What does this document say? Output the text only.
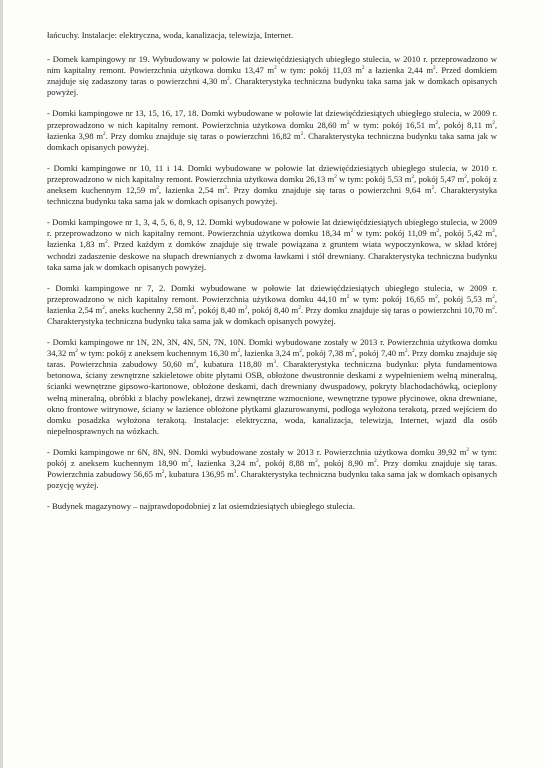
łańcuchy. Instalacje: elektryczna, woda, kanalizacja, telewizja, Internet.

- Domek kampingowy nr 19. Wybudowany w połowie lat dziewięćdziesiątych ubiegłego stulecia, w 2010 r. przeprowadzono w nim kapitalny remont. Powierzchnia użytkowa domku 13,47 $m^2$ w tym: pokój 11,03 $m^2$ a łazienka 2,44 $m^2$. Przed domkiem znajduje się zadaszony taras o powierzchni 4,30 $m^2$. Charakterystyka techniczna budynku taka sama jak w domkach opisanych powyżej.

- Domki kampingowe nr 13, 15, 16, 17, 18. Domki wybudowane w połowie lat dziewięćdziesiątych ubiegłego stulecia, w 2009 r. przeprowadzono w nich kapitalny remont. Powierzchnia użytkowa domku 28,60 $m^2$ w tym: pokój 16,51 $m^2$, pokój 8,11 $m^2$, łazienka 3,98 $m^2$. Przy domku znajduje się taras o powierzchni 16,82 $m^2$. Charakterystyka techniczna budynku taka sama jak w domkach opisanych powyżej.

- Domki kampingowe nr 10, 11 i 14. Domki wybudowane w połowie lat dziewięćdziesiątych ubiegłego stulecia, w 2010 r. przeprowadzono w nich kapitalny remont. Powierzchnia użytkowa domku 26,13 $m^2$ w tym: pokój 5,53 $m^2$, pokój 5,47 $m^2$, pokój z aneksem kuchennym 12,59 $m^2$, łazienka 2,54 $m^2$. Przy domku znajduje się taras o powierzchni 9,64 $m^2$. Charakterystyka techniczna budynku taka sama jak w domkach opisanych powyżej.

- Domki kampingowe nr 1, 3, 4, 5, 6, 8, 9, 12. Domki wybudowane w połowie lat dziewięćdziesiątych ubiegłego stulecia, w 2009 r. przeprowadzono w nich kapitalny remont. Powierzchnia użytkowa domku 18,34 $m^2$ w tym: pokój 11,09 $m^2$, pokój 5,42 $m^2$, łazienka 1,83 $m^2$. Przed każdym z domków znajduje się trwale powiązana z gruntem wiata wypoczynkowa, w skład której wchodzi zadaszenie deskowe na słupach drewnianych z dwoma ławkami i stół drewniany. Charakterystyka techniczna budynku taka sama jak w domkach opisanych powyżej.

- Domki kampingowe nr 7, 2. Domki wybudowane w połowie lat dziewięćdziesiątych ubiegłego stulecia, w 2009 r. przeprowadzono w nich kapitalny remont. Powierzchnia użytkowa domku 44,10 $m^2$ w tym: pokój 16,65 $m^2$, pokój 5,53 $m^2$, łazienka 2,54 $m^2$, aneks kuchenny 2,58 $m^2$, pokój 8,40 $m^2$, pokój 8,40 $m^2$. Przy domku znajduje się taras o powierzchni 10,70 $m^2$. Charakterystyka techniczna budynku taka sama jak w domkach opisanych powyżej.

- Domki kampingowe nr 1N, 2N, 3N, 4N, 5N, 7N, 10N. Domki wybudowane zostały w 2013 r. Powierzchnia użytkowa domku 34,32 $m^2$ w tym: pokój z aneksem kuchennym 16,30 $m^2$, łazienka 3,24 $m^2$, pokój 7,38 $m^2$, pokój 7,40 $m^2$. Przy domku znajduje się taras. Powierzchnia zabudowy 50,60 $m^2$, kubatura 118,80 $m^3$. Charakterystyka techniczna budynku: płyta fundamentowa betonowa, ściany zewnętrzne szkieletowe obite płytami OSB, obłożone dwustronnie deskami z wypełnieniem wełną mineralną, ścianki wewnętrzne gipsowo-kartonowe, obłożone deskami, dach drewniany dwuspadowy, pokryty blachodachówką, ocieplony wełną mineralną, obróbki z blachy powlekanej, drzwi zewnętrzne wzmocnione, wewnętrzne typowe płycinowe, okna drewniane, okno frontowe witrynowe, ściany w łazience obłożone płytkami glazurowanymi, podłoga wyłożona terakotą, przed wejściem do domku posadzka wyłożona terakotą. Instalacje: elektryczna, woda, kanalizacja, telewizja, Internet, wjazd dla osób niepełnosprawnych na wózkach.

- Domki kampingowe nr 6N, 8N, 9N. Domki wybudowane zostały w 2013 r. Powierzchnia użytkowa domku 39,92 $m^2$ w tym: pokój z aneksem kuchennym 18,90 $m^2$, łazienka 3,24 $m^2$, pokój 8,88 $m^2$, pokój 8,90 $m^2$. Przy domku znajduje się taras. Powierzchnia zabudowy 56,65 $m^2$, kubatura 136,95 $m^3$. Charakterystyka techniczna budynku taka sama jak w domkach opisanych pozycję wyżej.

- Budynek magazynowy – najprawdopodobniej z lat osiemdziesiątych ubiegłego stulecia.
